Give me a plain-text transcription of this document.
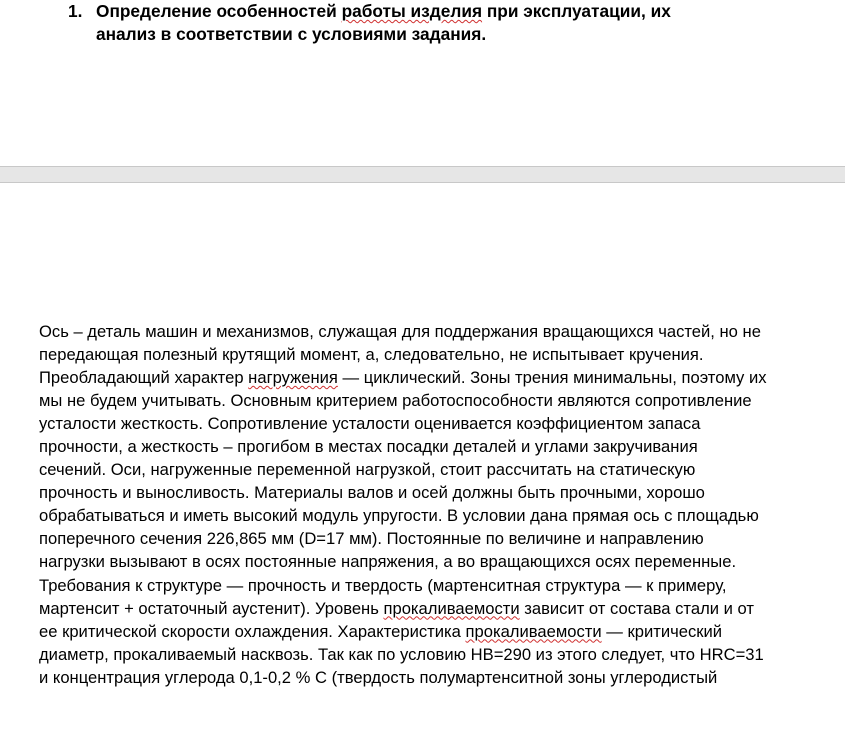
1. Определение особенностей работы изделия при эксплуатации, их
анализ в соответствии с условиями задания.

Ось – деталь машин и механизмов, служащая для поддержания вращающихся частей, но не передающая полезный крутящий момент, а, следовательно, не испытывает кручения.

Преобладающий характер нагружения — циклический. Зоны трения минимальны, поэтому их мы не будем учитывать. Основным критерием работоспособности являются сопротивление усталости жесткость. Сопротивление усталости оценивается коэффициентом запаса прочности, а жесткость – прогибом в местах посадки деталей и углами закручивания сечений. Оси, нагруженные переменной нагрузкой, стоит рассчитать на статическую прочность и выносливость. Материалы валов и осей должны быть прочными, хорошо обрабатываться и иметь высокий модуль упругости. В условии дана прямая ось с площадью поперечного сечения 226,865 мм (D=17 мм). Постоянные по величине и направлению нагрузки вызывают в осях постоянные напряжения, а во вращающихся осях переменные. Требования к структуре — прочность и твердость (мартенситная структура — к примеру, мартенсит + остаточный аустенит). Уровень прокаливаемости зависит от состава стали и от ее критической скорости охлаждения. Характеристика прокаливаемости — критический диаметр, прокаливаемый насквозь. Так как по условию HB=290 из этого следует, что HRC=31 и концентрация углерода 0,1-0,2 % С (твердость полумартенситной зоны углеродистый
